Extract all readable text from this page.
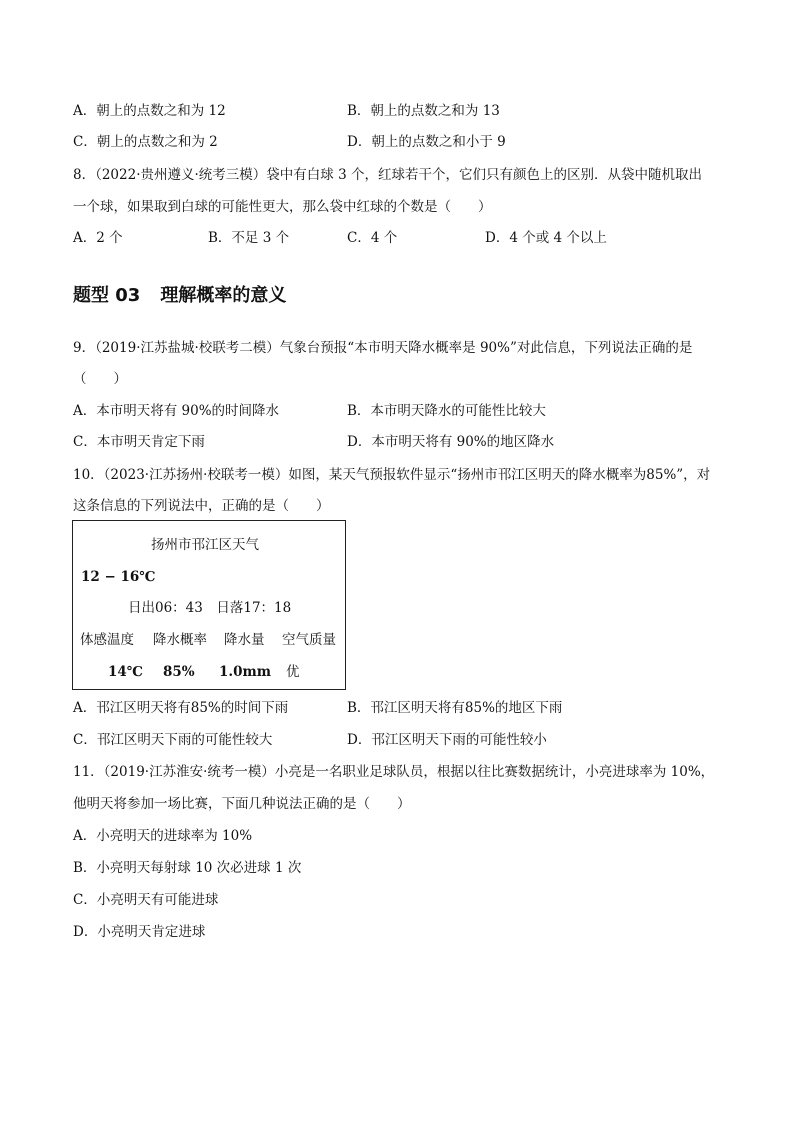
A．朝上的点数之和为 12	B．朝上的点数之和为 13
C．朝上的点数之和为 2	D．朝上的点数之和小于 9
8．（2022·贵州遵义·统考三模）袋中有白球 3 个，红球若干个，它们只有颜色上的区别．从袋中随机取出
一个球，如果取到白球的可能性更大，那么袋中红球的个数是（　　）
A．2 个	B．不足 3 个	C．4 个	D．4 个或 4 个以上
题型 03 理解概率的意义
9．（2019·江苏盐城·校联考二模）气象台预报“本市明天降水概率是 90%”对此信息，下列说法正确的是
（　　）
A．本市明天将有 90%的时间降水	B．本市明天降水的可能性比较大
C．本市明天肯定下雨	D．本市明天将有 90%的地区降水
10．（2023·江苏扬州·校联考一模）如图，某天气预报软件显示“扬州市邗江区明天的降水概率为85%”，对
这条信息的下列说法中，正确的是（　　）
扬州市邗江区天气
12 − 16℃
日出06：43　日落17：18
体感温度 降水概率 降水量 空气质量
14℃ 85% 1.0mm 优
A．邗江区明天将有85%的时间下雨	B．邗江区明天将有85%的地区下雨
C．邗江区明天下雨的可能性较大	D．邗江区明天下雨的可能性较小
11．（2019·江苏淮安·统考一模）小亮是一名职业足球队员，根据以往比赛数据统计，小亮进球率为 10%，
他明天将参加一场比赛，下面几种说法正确的是（　　）
A．小亮明天的进球率为 10%
B．小亮明天每射球 10 次必进球 1 次
C．小亮明天有可能进球
D．小亮明天肯定进球
